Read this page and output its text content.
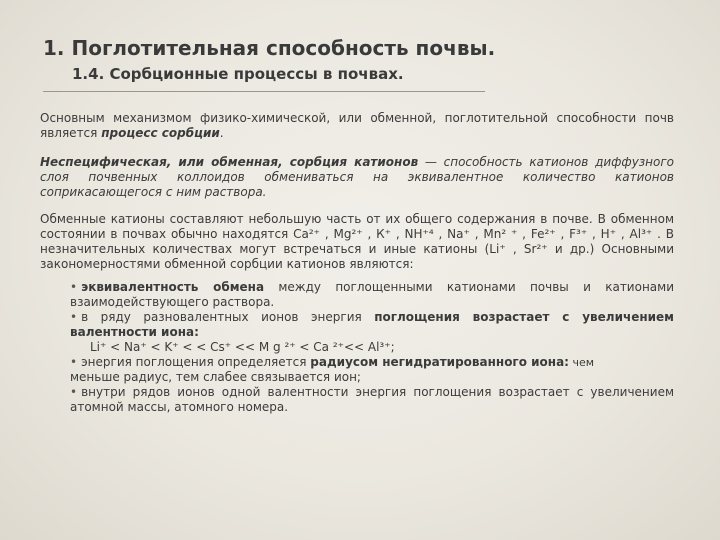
1. Поглотительная способность почвы.
1.4. Сорбционные процессы в почвах.

Основным механизмом физико-химической, или обменной, поглотительной способности почв является процесс сорбции.

Неспецифическая, или обменная, сорбция катионов — способность катионов диффузного слоя почвенных коллоидов обмениваться на эквивалентное количество катионов соприкасающегося с ним раствора.

Обменные катионы составляют небольшую часть от их общего содержания в почве. В обменном состоянии в почвах обычно находятся Ca²⁺ , Mg²⁺ , К⁺ , NH⁺⁴ , Na⁺ , Mn² ⁺ , Fe²⁺ , F³⁺ , H⁺ , Al³⁺ . В незначительных количествах могут встречаться и иные катионы (Li⁺ , Sr²⁺ и др.) Основными закономерностями обменной сорбции катионов являются:

• эквивалентность обмена между поглощенными катионами почвы и катионами взаимодействующего раствора.

• в ряду разновалентных ионов энергия поглощения возрастает с увеличением валентности иона:

Li⁺ < Na⁺ < K⁺ < < Cs⁺ << M g ²⁺ < Ca ²⁺<< Al³⁺;

• энергия поглощения определяется радиусом негидратированного иона: чем
меньше радиус, тем слабее связывается ион;

• внутри рядов ионов одной валентности энергия поглощения возрастает с увеличением атомной массы, атомного номера.
